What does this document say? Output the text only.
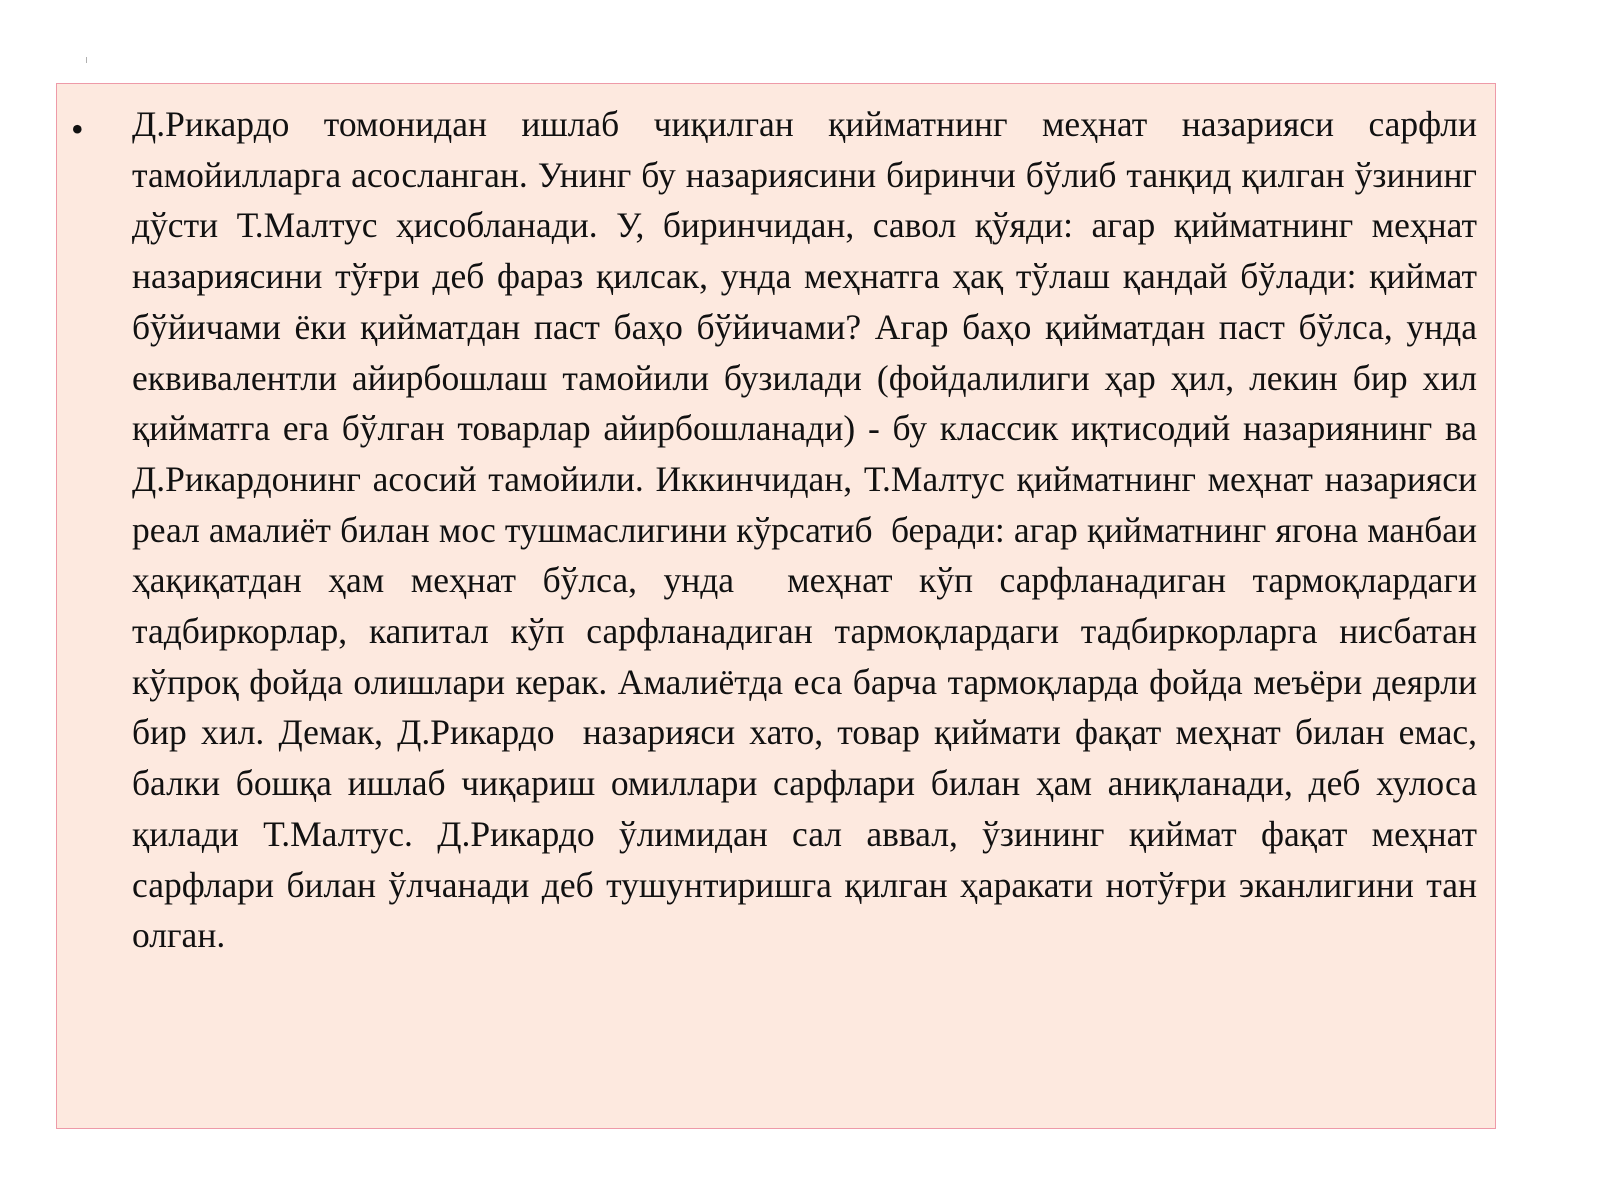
• Д.Рикардо томонидан ишлаб чиқилган қийматнинг меҳнат назарияси сарфли тамойилларга асосланган. Унинг бу назариясини биринчи бўлиб танқид қилган ўзининг дўсти Т.Малтус ҳисобланади. У, биринчидан, савол қўяди: агар қийматнинг меҳнат назариясини тўғри деб фараз қилсак, унда меҳнатга ҳақ тўлаш қандай бўлади: қиймат бўйичами ёки қийматдан паст баҳо бўйичами? Агар баҳо қийматдан паст бўлса, унда еквивалентли айирбошлаш тамойили бузилади (фойдалилиги ҳар ҳил, лекин бир хил қийматга ега бўлган товарлар айирбошланади) - бу классик иқтисодий назариянинг ва Д.Рикардонинг асосий тамойили. Иккинчидан, Т.Малтус қийматнинг меҳнат назарияси реал амалиёт билан мос тушмаслигини кўрсатиб  беради: агар қийматнинг ягона манбаи ҳақиқатдан ҳам меҳнат бўлса, унда  меҳнат кўп сарфланадиган тармоқлардаги тадбиркорлар, капитал кўп сарфланадиган тармоқлардаги тадбиркорларга нисбатан кўпроқ фойда олишлари керак. Амалиётда еса барча тармоқларда фойда меъёри деярли бир хил. Демак, Д.Рикардо  назарияси хато, товар қиймати фақат меҳнат билан емас, балки бошқа ишлаб чиқариш омиллари сарфлари билан ҳам аниқланади, деб хулоса қилади Т.Малтус. Д.Рикардо ўлимидан сал аввал, ўзининг қиймат фақат меҳнат сарфлари билан ўлчанади деб тушунтиришга қилган ҳаракати нотўғри эканлигини тан олган.
